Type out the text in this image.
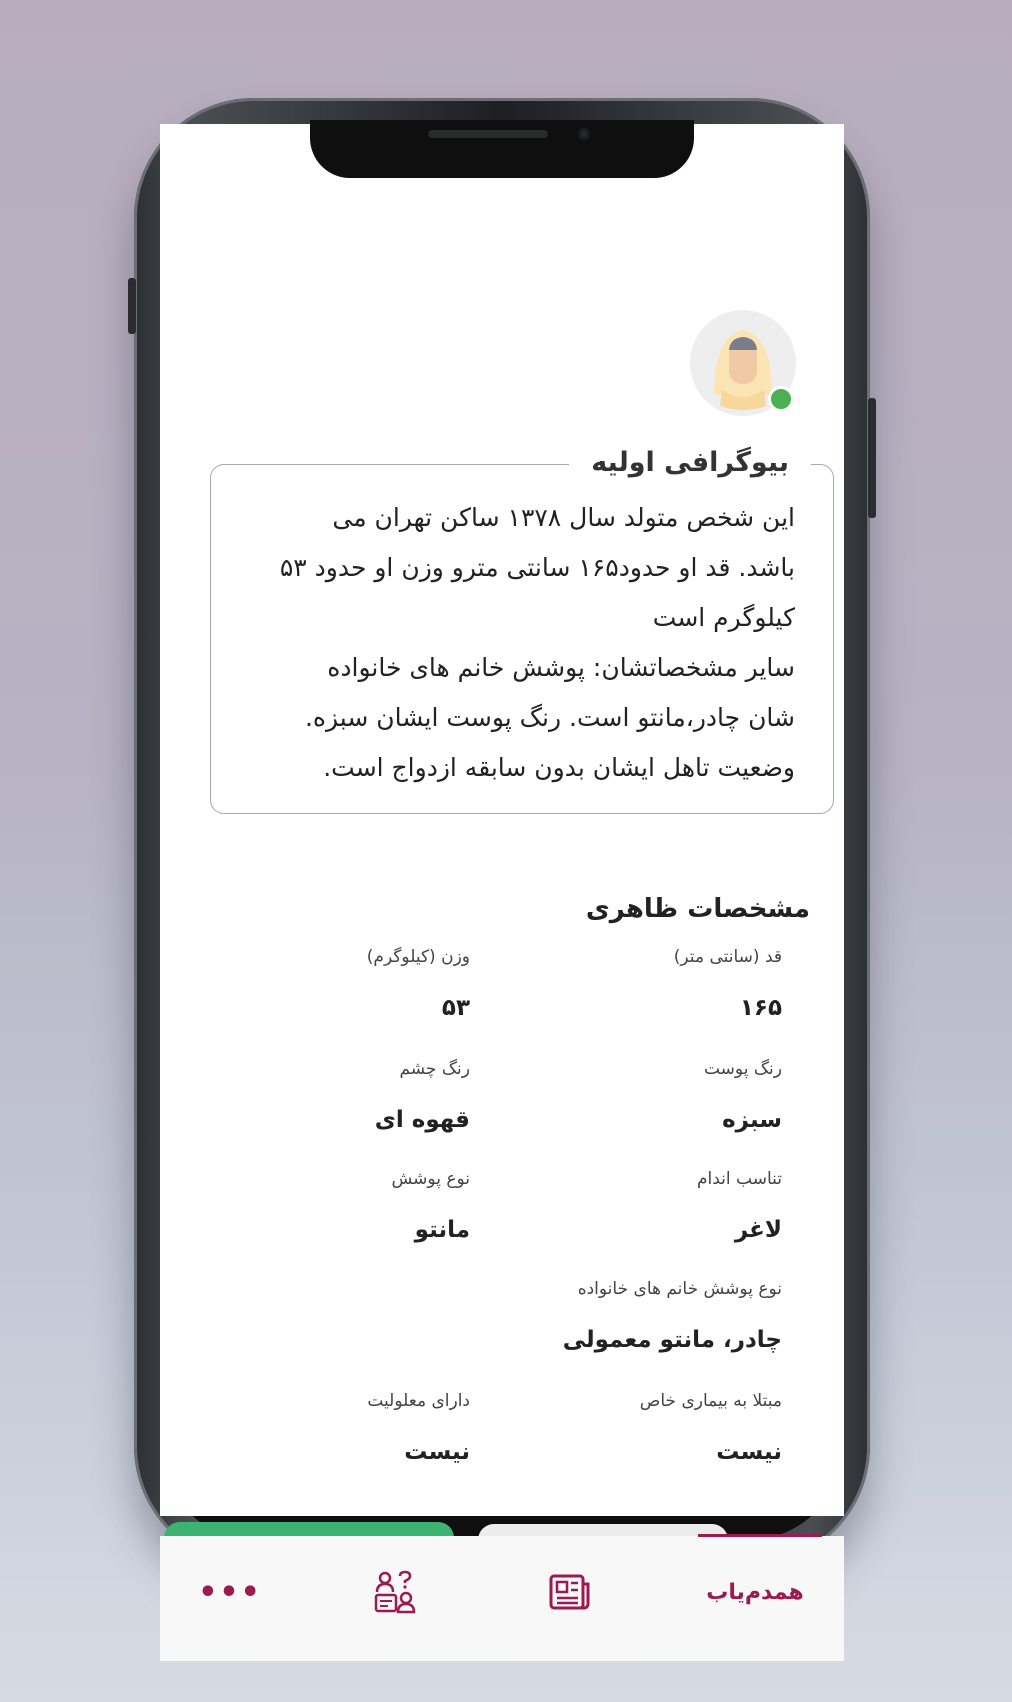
بیوگرافی اولیه
این شخص متولد سال ۱۳۷۸ ساکن تهران می باشد. قد او حدود۱۶۵ سانتی مترو وزن او حدود ۵۳ کیلوگرم است
سایر مشخصاتشان: پوشش خانم های خانواده شان چادر،مانتو است. رنگ پوست ایشان سبزه. وضعیت تاهل ایشان بدون سابقه ازدواج است.
مشخصات ظاهری
قد (سانتی متر)
۱۶۵
وزن (کیلوگرم)
۵۳
رنگ پوست
سبزه
رنگ چشم
قهوه ای
تناسب اندام
لاغر
نوع پوشش
مانتو
نوع پوشش خانم های خانواده
چادر، مانتو معمولی
مبتلا به بیماری خاص
نیست
دارای معلولیت
نیست
همدم‌یاب
•••
